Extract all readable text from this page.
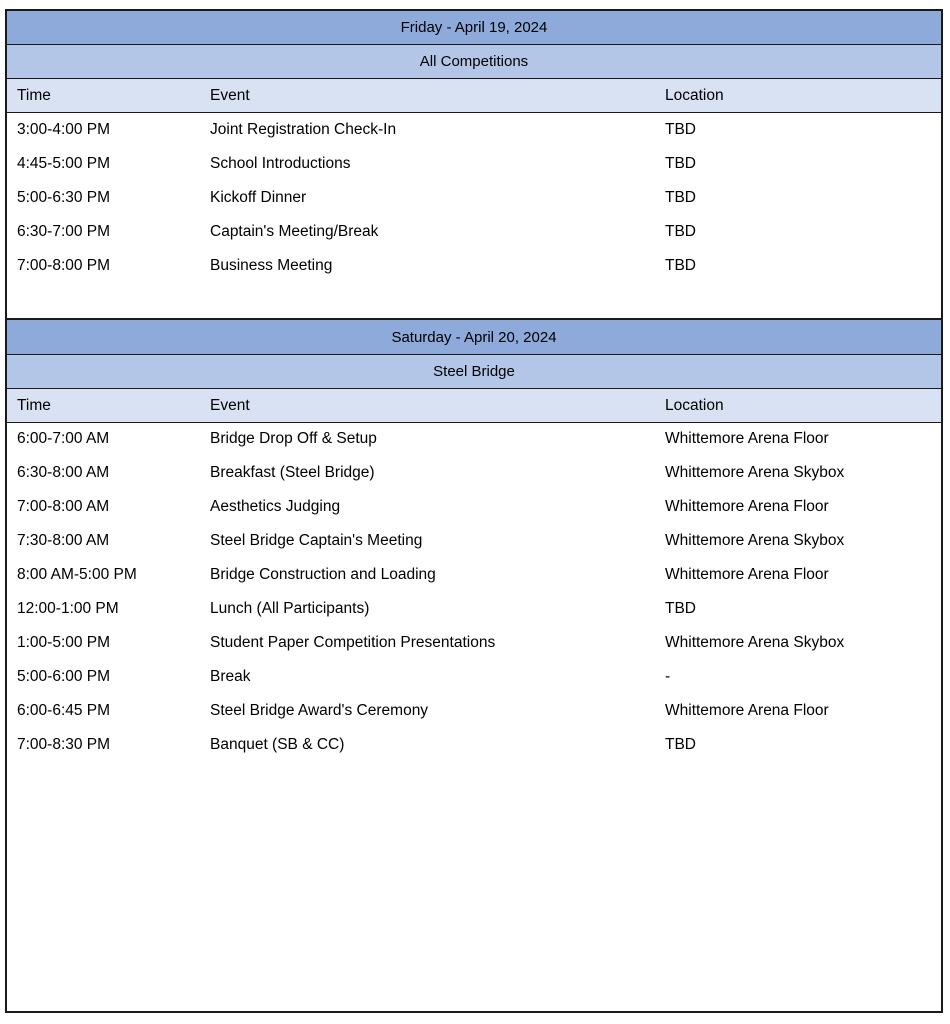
Friday - April 19, 2024
All Competitions
Time	Event	Location
3:00-4:00 PM	Joint Registration Check-In	TBD
4:45-5:00 PM	School Introductions	TBD
5:00-6:30 PM	Kickoff Dinner	TBD
6:30-7:00 PM	Captain's Meeting/Break	TBD
7:00-8:00 PM	Business Meeting	TBD
Saturday - April 20, 2024
Steel Bridge
Time	Event	Location
6:00-7:00 AM	Bridge Drop Off & Setup	Whittemore Arena Floor
6:30-8:00 AM	Breakfast (Steel Bridge)	Whittemore Arena Skybox
7:00-8:00 AM	Aesthetics Judging	Whittemore Arena Floor
7:30-8:00 AM	Steel Bridge Captain's Meeting	Whittemore Arena Skybox
8:00 AM-5:00 PM	Bridge Construction and Loading	Whittemore Arena Floor
12:00-1:00 PM	Lunch (All Participants)	TBD
1:00-5:00 PM	Student Paper Competition Presentations	Whittemore Arena Skybox
5:00-6:00 PM	Break	-
6:00-6:45 PM	Steel Bridge Award's Ceremony	Whittemore Arena Floor
7:00-8:30 PM	Banquet (SB & CC)	TBD
